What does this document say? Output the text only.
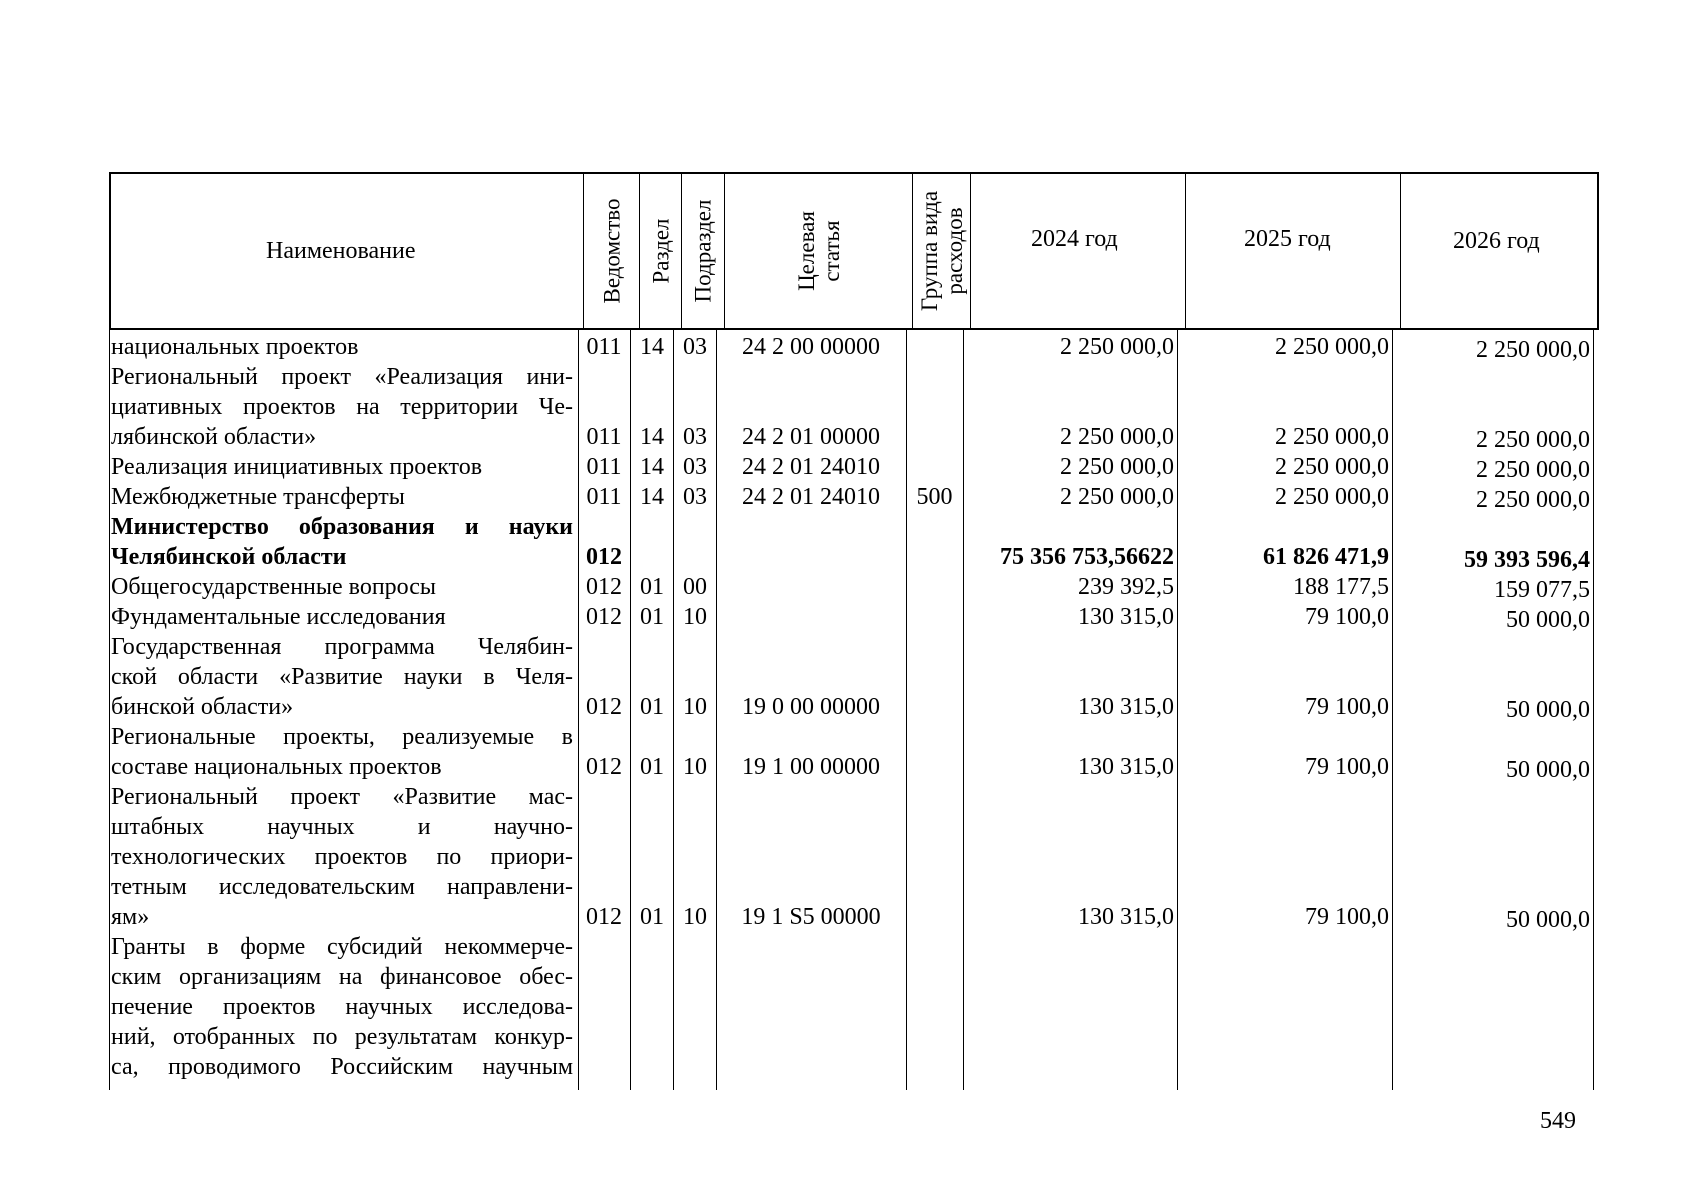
Наименование	Ведомство Раздел Подраздел	Целевая
статья	Группа вида
расходов	2024 год	2025 год	2026 год
национальных проектов	011 14 03	24 2 00 00000	2 250 000,0	2 250 000,0	2 250 000,0
Региональный проект «Реализация ини-
циативных проектов на территории Че-
лябинской области»	011 14 03	24 2 01 00000	2 250 000,0	2 250 000,0	2 250 000,0
Реализация инициативных проектов	011 14 03	24 2 01 24010	2 250 000,0	2 250 000,0	2 250 000,0
Межбюджетные трансферты	011 14 03	24 2 01 24010	500	2 250 000,0	2 250 000,0	2 250 000,0
Министерство образования и науки
Челябинской области	012	75 356 753,56622	61 826 471,9	59 393 596,4
Общегосударственные вопросы	012 01 00	239 392,5	188 177,5	159 077,5
Фундаментальные исследования	012 01 10	130 315,0	79 100,0	50 000,0
Государственная программа Челябин-
ской области «Развитие науки в Челя-
бинской области»	012 01 10	19 0 00 00000	130 315,0	79 100,0	50 000,0
Региональные проекты, реализуемые в
составе национальных проектов	012 01 10	19 1 00 00000	130 315,0	79 100,0	50 000,0
Региональный проект «Развитие мас-
штабных научных и научно-
технологических проектов по приори-
тетным исследовательским направлени-
ям»	012 01 10	19 1 S5 00000	130 315,0	79 100,0	50 000,0
Гранты в форме субсидий некоммерче-
ским организациям на финансовое обес-
печение проектов научных исследова-
ний, отобранных по результатам конкур-
са, проводимого Российским научным
549
